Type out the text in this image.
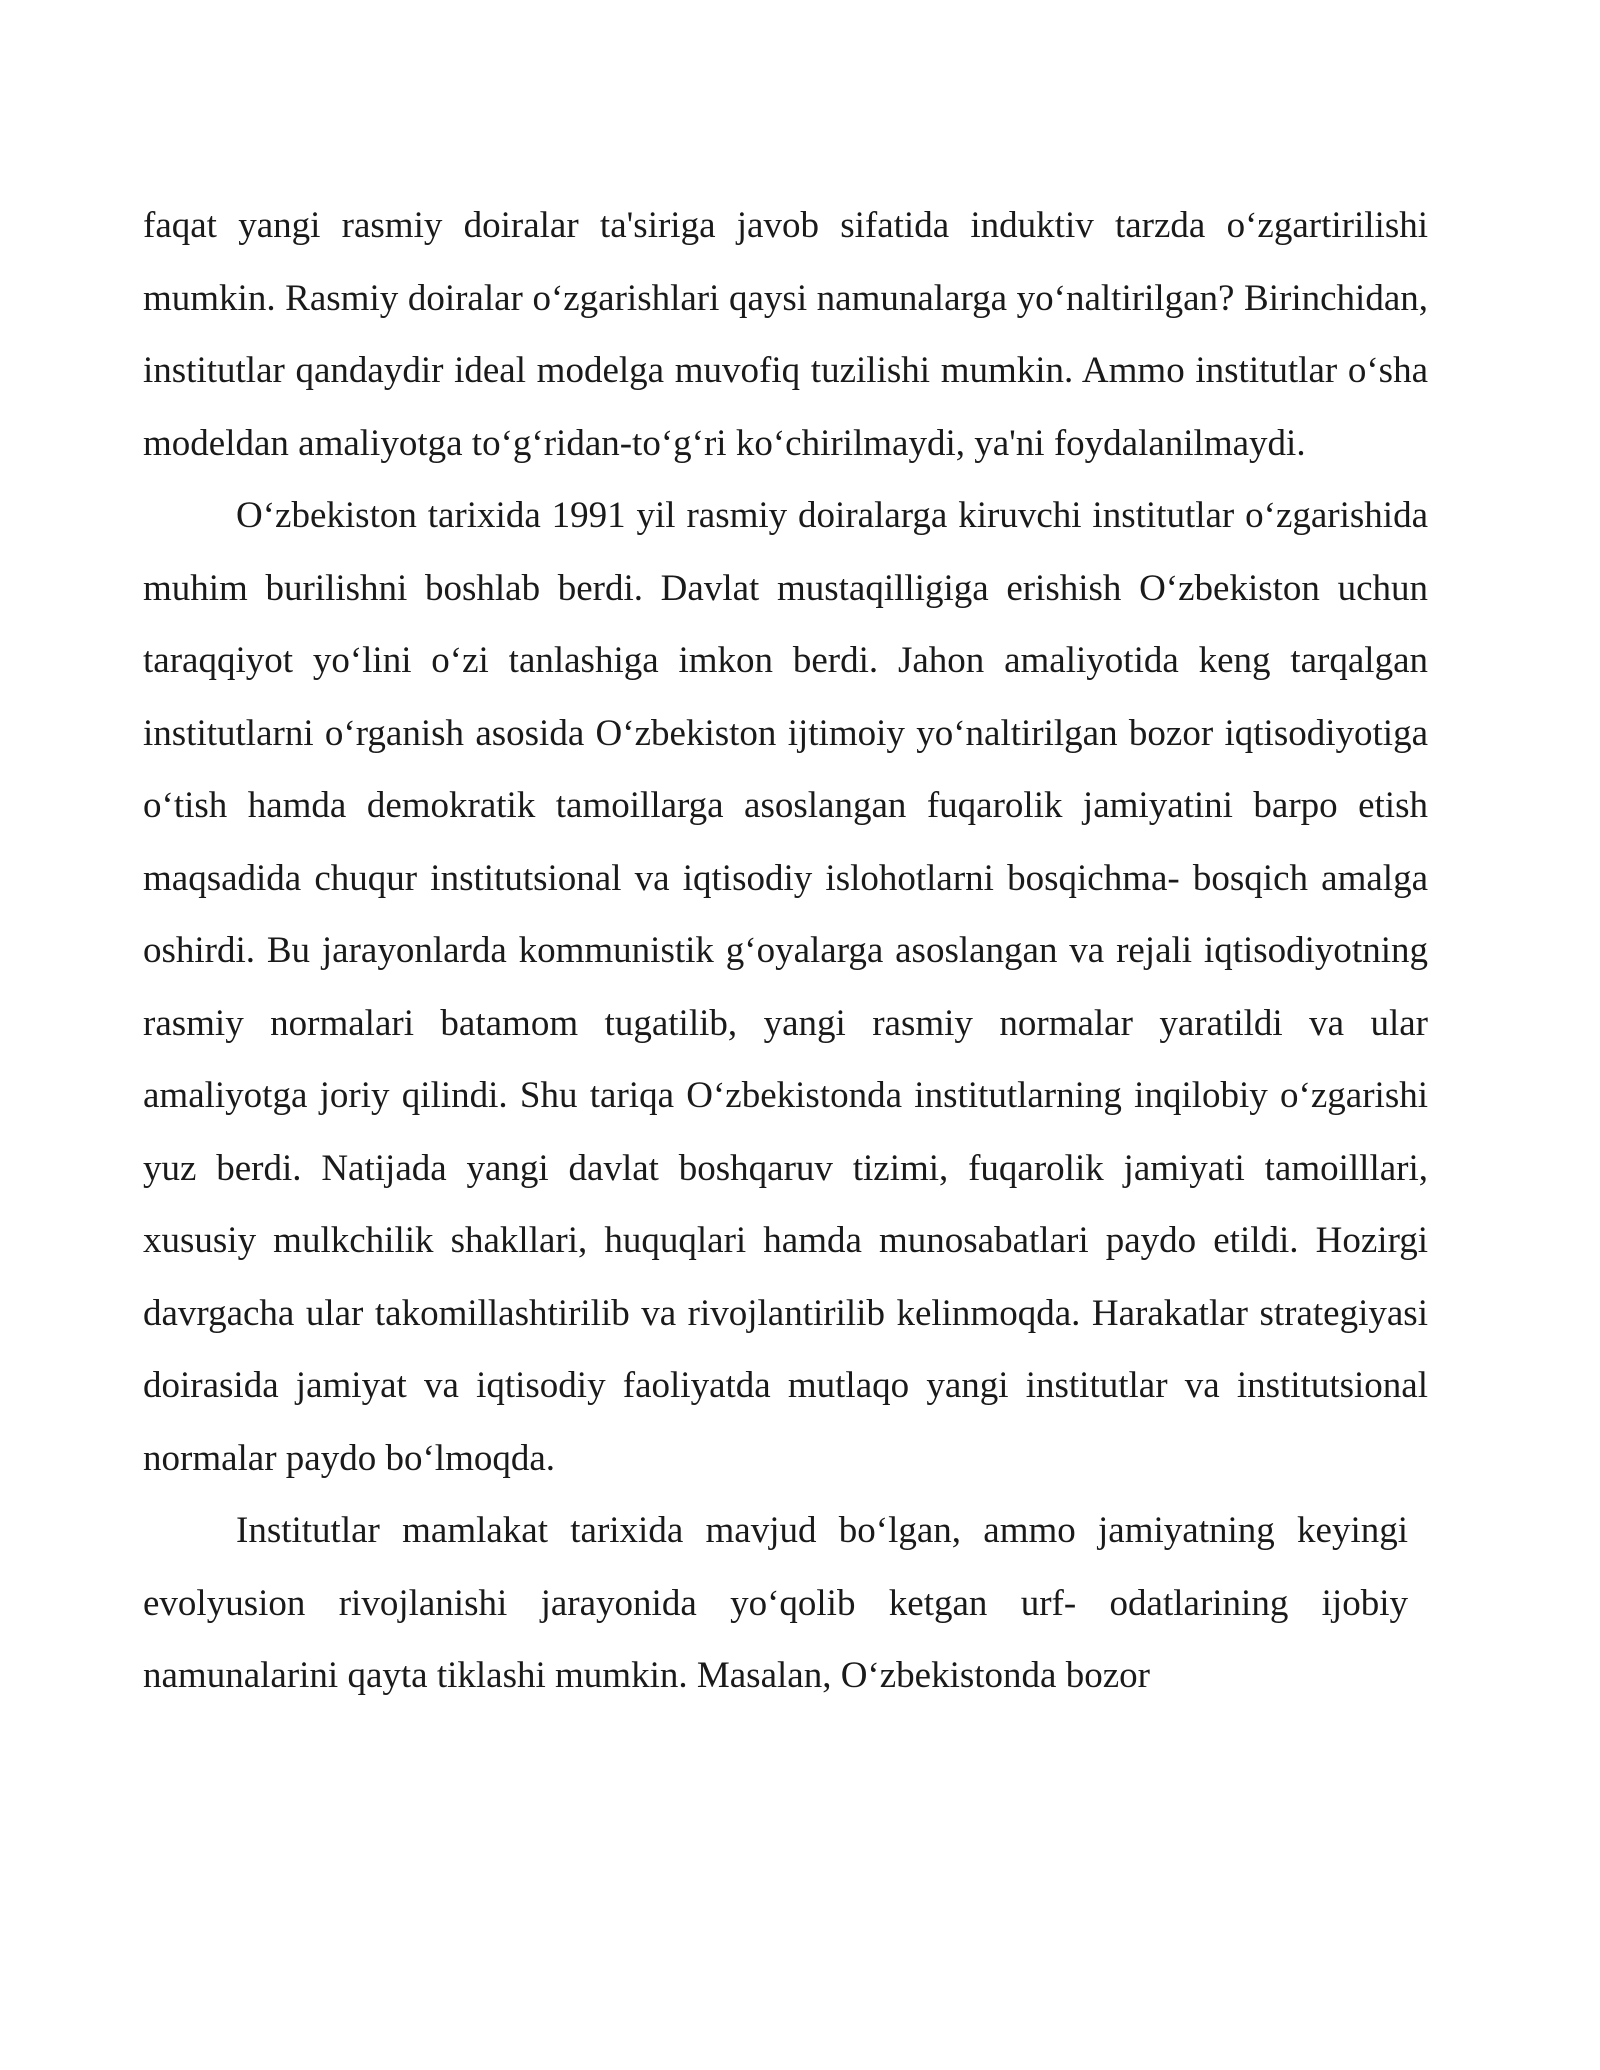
faqat yangi rasmiy doiralar ta'siriga javob sifatida induktiv tarzda o‘zgartirilishi mumkin. Rasmiy doiralar o‘zgarishlari qaysi namunalarga yo‘naltirilgan? Birinchidan, institutlar qandaydir ideal modelga muvofiq tuzilishi mumkin. Ammo institutlar o‘sha modeldan amaliyotga to‘g‘ridan-to‘g‘ri ko‘chirilmaydi, ya'ni foydalanilmaydi.

O‘zbekiston tarixida 1991 yil rasmiy doiralarga kiruvchi institutlar o‘zgarishida muhim burilishni boshlab berdi. Davlat mustaqilligiga erishish O‘zbekiston uchun taraqqiyot yo‘lini o‘zi tanlashiga imkon berdi. Jahon amaliyotida keng tarqalgan institutlarni o‘rganish asosida O‘zbekiston ijtimoiy yo‘naltirilgan bozor iqtisodiyotiga o‘tish hamda demokratik tamoillarga asoslangan fuqarolik jamiyatini barpo etish maqsadida chuqur institutsional va iqtisodiy islohotlarni bosqichma- bosqich amalga oshirdi. Bu jarayonlarda kommunistik g‘oyalarga asoslangan va rejali iqtisodiyotning rasmiy normalari batamom tugatilib, yangi rasmiy normalar yaratildi va ular amaliyotga joriy qilindi. Shu tariqa O‘zbekistonda institutlarning inqilobiy o‘zgarishi yuz berdi. Natijada yangi davlat boshqaruv tizimi, fuqarolik jamiyati tamoilllari, xususiy mulkchilik shakllari, huquqlari hamda munosabatlari paydo etildi. Hozirgi davrgacha ular takomillashtirilib va rivojlantirilib kelinmoqda. Harakatlar strategiyasi doirasida jamiyat va iqtisodiy faoliyatda mutlaqo yangi institutlar va institutsional normalar paydo bo‘lmoqda.

Institutlar mamlakat tarixida mavjud bo‘lgan, ammo jamiyatning keyingi evolyusion rivojlanishi jarayonida yo‘qolib ketgan urf- odatlarining ijobiy namunalarini qayta tiklashi mumkin. Masalan, O‘zbekistonda bozor
